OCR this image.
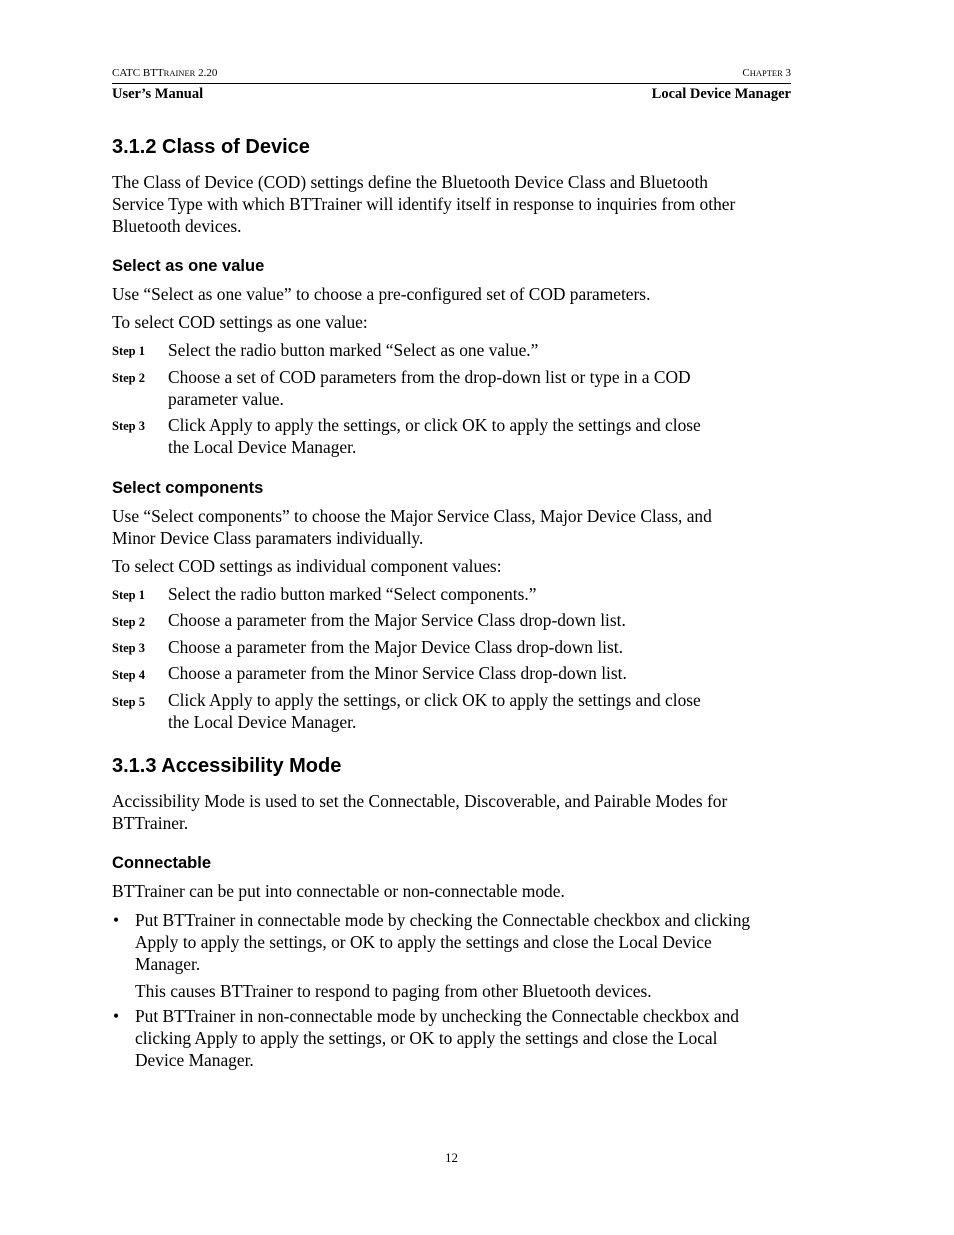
CATC BTTRAINER 2.20	CHAPTER 3
User’s Manual	Local Device Manager
3.1.2 Class of Device
The Class of Device (COD) settings define the Bluetooth Device Class and Bluetooth
Service Type with which BTTrainer will identify itself in response to inquiries from other
Bluetooth devices.
Select as one value
Use “Select as one value” to choose a pre-configured set of COD parameters.
To select COD settings as one value:
Step 1 Select the radio button marked “Select as one value.”
Step 2 Choose a set of COD parameters from the drop-down list or type in a COD
parameter value.
Step 3 Click Apply to apply the settings, or click OK to apply the settings and close
the Local Device Manager.
Select components
Use “Select components” to choose the Major Service Class, Major Device Class, and
Minor Device Class paramaters individually.
To select COD settings as individual component values:
Step 1 Select the radio button marked “Select components.”
Step 2 Choose a parameter from the Major Service Class drop-down list.
Step 3 Choose a parameter from the Major Device Class drop-down list.
Step 4 Choose a parameter from the Minor Service Class drop-down list.
Step 5 Click Apply to apply the settings, or click OK to apply the settings and close
the Local Device Manager.
3.1.3 Accessibility Mode
Accissibility Mode is used to set the Connectable, Discoverable, and Pairable Modes for
BTTrainer.
Connectable
BTTrainer can be put into connectable or non-connectable mode.
• Put BTTrainer in connectable mode by checking the Connectable checkbox and clicking
Apply to apply the settings, or OK to apply the settings and close the Local Device
Manager.
This causes BTTrainer to respond to paging from other Bluetooth devices.
• Put BTTrainer in non-connectable mode by unchecking the Connectable checkbox and
clicking Apply to apply the settings, or OK to apply the settings and close the Local
Device Manager.
12
